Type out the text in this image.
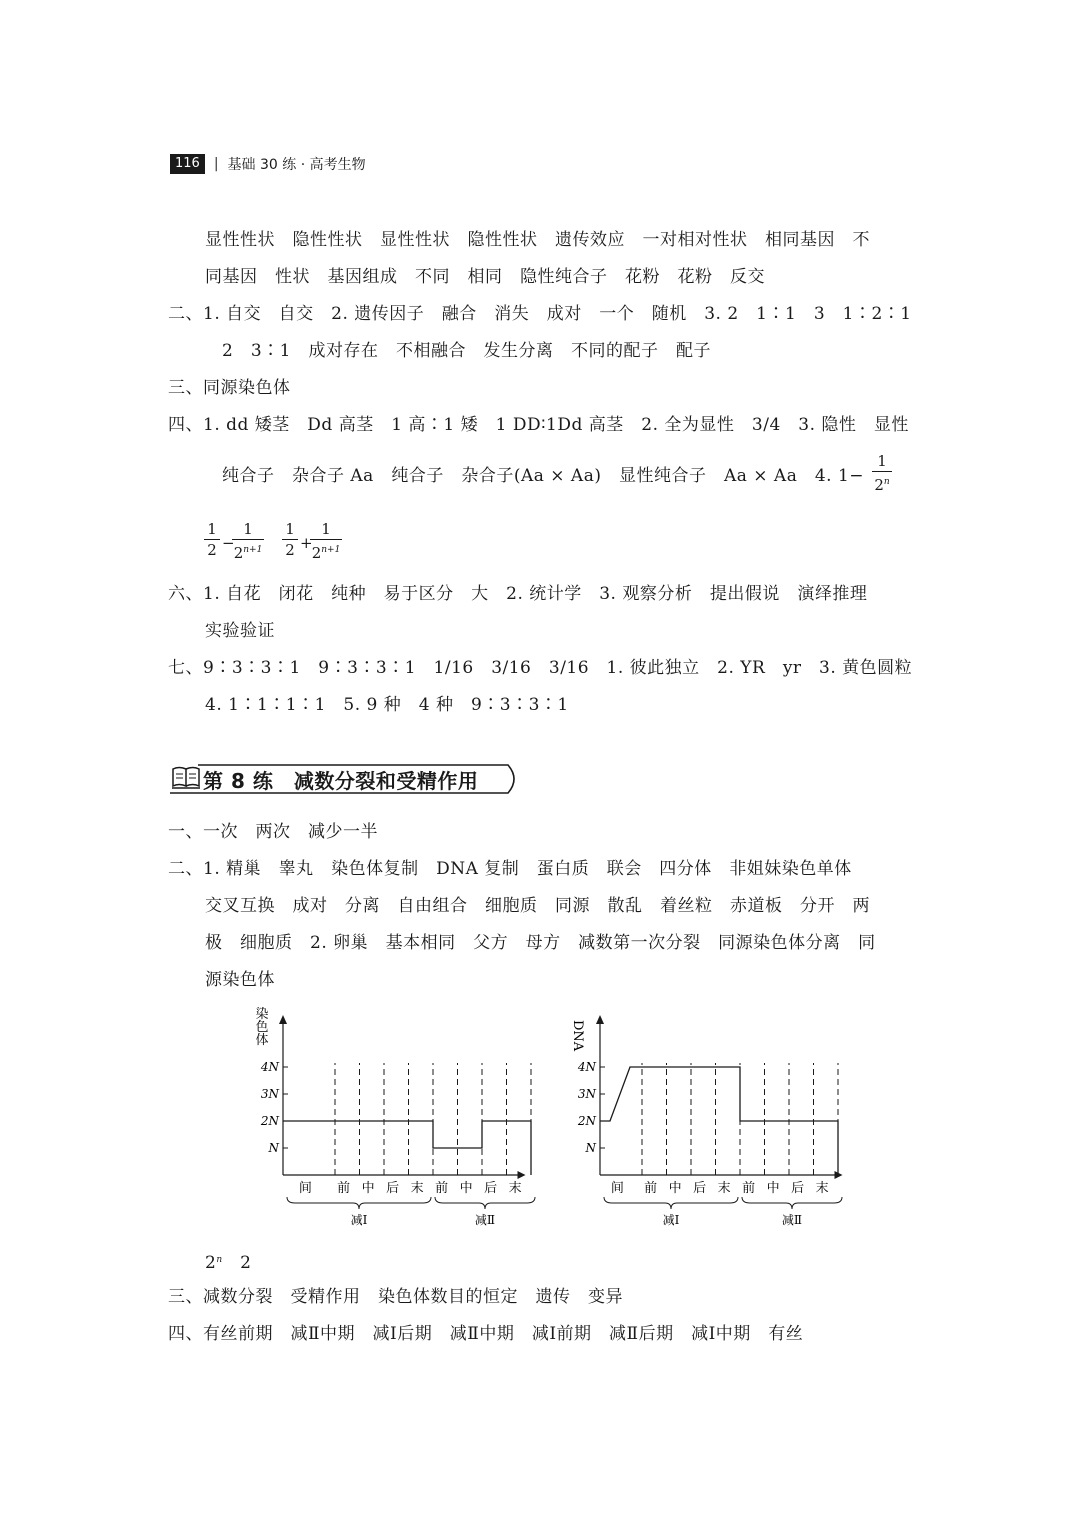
116	| 基础 30 练 · 高考生物
显性性状　隐性性状　显性性状　隐性性状　遗传效应　一对相对性状　相同基因　不
同基因　性状　基因组成　不同　相同　隐性纯合子　花粉　花粉　反交
二、1. 自交　自交　2. 遗传因子　融合　消失　成对　一个　随机　3. 2　1∶1　3　1∶2∶1
2　3∶1　成对存在　不相融合　发生分离　不同的配子　配子
三、同源染色体
四、1. dd 矮茎　Dd 高茎　1 高∶1 矮　1 DD∶1Dd 高茎　2. 全为显性　3/4　3. 隐性　显性
纯合子　杂合子 Aa　纯合子　杂合子(Aa × Aa)　显性纯合子　Aa × Aa　4. 1−
1
2$^n$
1
2 −
1
$2^{n+1}$
1
2 +
1
$2^{n+1}$
六、1. 自花　闭花　纯种　易于区分　大　2. 统计学　3. 观察分析　提出假说　演绎推理
实验验证
七、9∶3∶3∶1　9∶3∶3∶1　1/16　3/16　3/16　1. 彼此独立　2. YR　yr　3. 黄色圆粒
4. 1∶1∶1∶1　5. 9 种　4 种　9∶3∶3∶1
第 8 练　减数分裂和受精作用
一、一次　两次　减少一半
二、1. 精巢　睾丸　染色体复制　DNA 复制　蛋白质　联会　四分体　非姐妹染色单体
交叉互换　成对　分离　自由组合　细胞质　同源　散乱　着丝粒　赤道板　分开　两
极　细胞质　2. 卵巢　基本相同　父方　母方　减数第一次分裂　同源染色体分离　同
源染色体
染色体
4N
3N
2N
N
间 前 中 后 末 前 中 后 末
减Ⅰ	减Ⅱ
DNA
4N
3N
2N
N
间 前 中 后 末 前 中 后 末
减Ⅰ	减Ⅱ
2$^n$　 2
三、减数分裂　受精作用　染色体数目的恒定　遗传　变异
四、有丝前期　减Ⅱ中期　减Ⅰ后期　减Ⅱ中期　减Ⅰ前期　减Ⅱ后期　减Ⅰ中期　有丝
